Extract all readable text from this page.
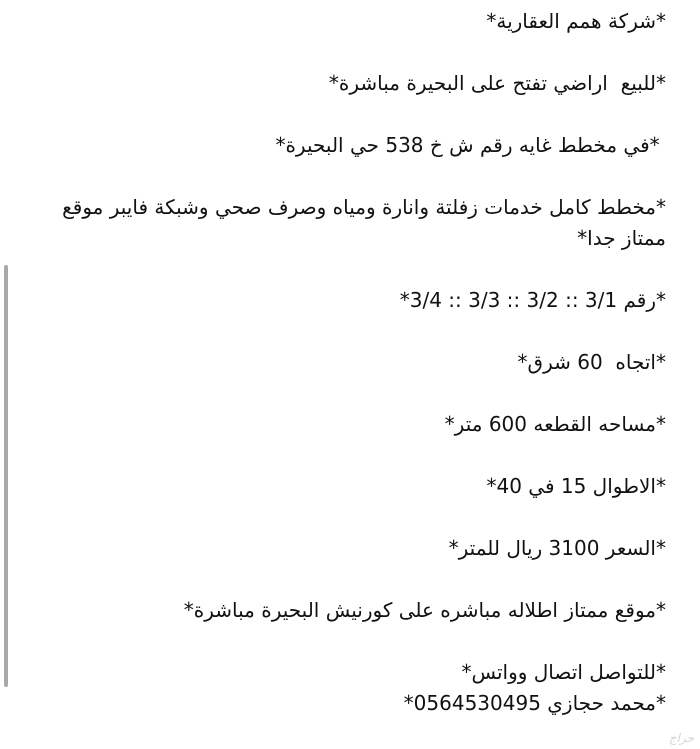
*شركة همم العقارية*

*للبيع  اراضي تفتح على البحيرة مباشرة*

*في مخطط غايه رقم ش خ 538 حي البحيرة*

*مخطط كامل خدمات زفلتة وانارة ومياه وصرف صحي وشبكة فايبر موقع ممتاز جدا*

*رقم 3/1 :: 3/2 :: 3/3 :: 3/4*

*اتجاه  60 شرق*

*مساحه القطعه 600 متر*

*الاطوال 15 في 40*

*السعر 3100 ريال للمتر*

*موقع ممتاز اطلاله مباشره على كورنيش البحيرة مباشرة*

*للتواصل اتصال وواتس*

*محمد حجازي 0564530495*

حراج
